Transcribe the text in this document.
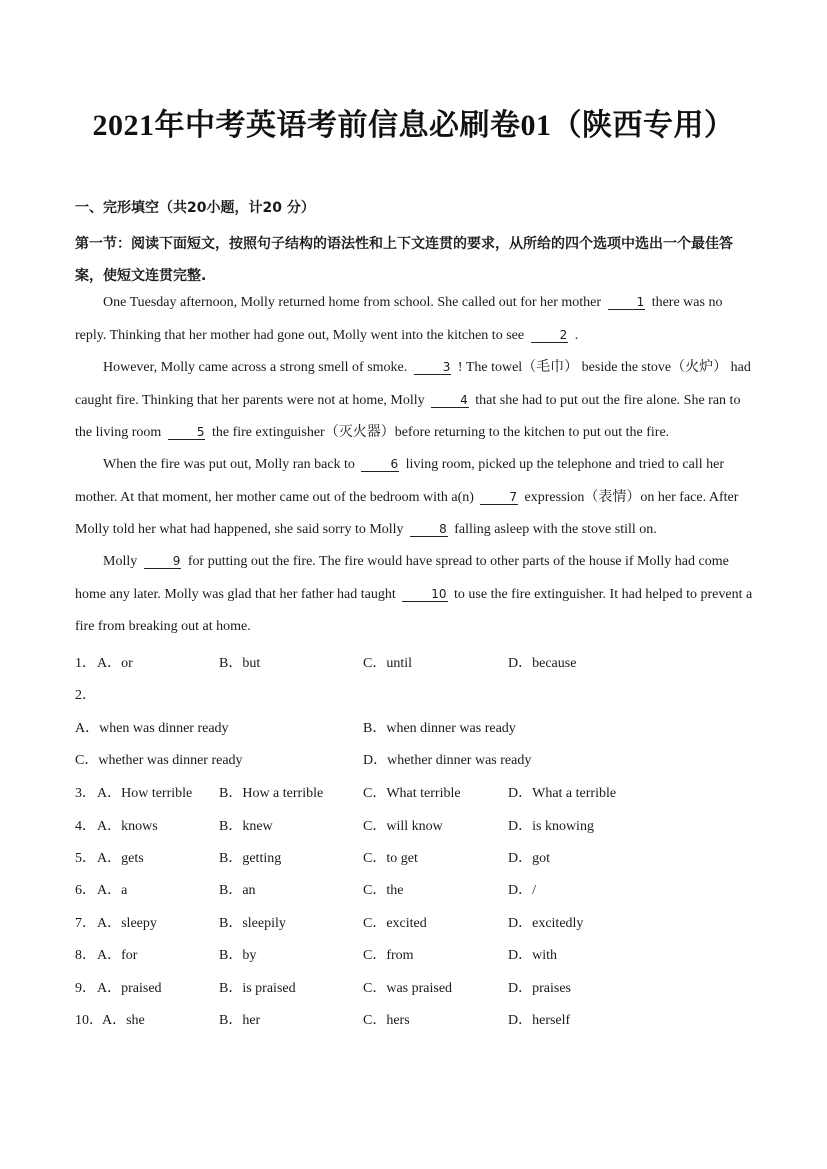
2021年中考英语考前信息必刷卷01（陕西专用）
一、完形填空（共20小题，计20 分）
第一节：阅读下面短文，按照句子结构的语法性和上下文连贯的要求，从所给的四个选项中选出一个最佳答案，使短文连贯完整.
One Tuesday afternoon, Molly returned home from school. She called out for her mother	1 there was no reply. Thinking that her mother had gone out, Molly went into the kitchen to see	2 .
However, Molly came across a strong smell of smoke.	3 ! The towel（毛巾） beside the stove（火炉） had caught fire. Thinking that her parents were not at home, Molly	4 that she had to put out the fire alone. She ran to the living room	5 the fire extinguisher（灭火器）before returning to the kitchen to put out the fire.
When the fire was put out, Molly ran back to	6 living room, picked up the telephone and tried to call her mother. At that moment, her mother came out of the bedroom with a(n)	7 expression（表情）on her face. After Molly told her what had happened, she said sorry to Molly	8 falling asleep with the stove still on.
Molly	9 for putting out the fire. The fire would have spread to other parts of the house if Molly had come home any later. Molly was glad that her father had taught	10 to use the fire extinguisher. It had helped to prevent a fire from breaking out at home.
1． A．or	B．but	C．until	D．because
2．
A．when was dinner ready	B．when dinner was ready
C．whether was dinner ready	D．whether dinner was ready
3． A．How terrible B．How a terrible	C．What terrible	D．What a terrible
4． A．knows	B．knew	C．will know	D．is knowing
5． A．gets	B．getting	C．to get	D．got
6． A．a	B．an	C．the	D．/
7． A．sleepy	B．sleepily	C．excited	D．excitedly
8． A．for	B．by	C．from	D．with
9． A．praised	B．is praised	C．was praised	D．praises
10． A．she	B．her	C．hers	D．herself
